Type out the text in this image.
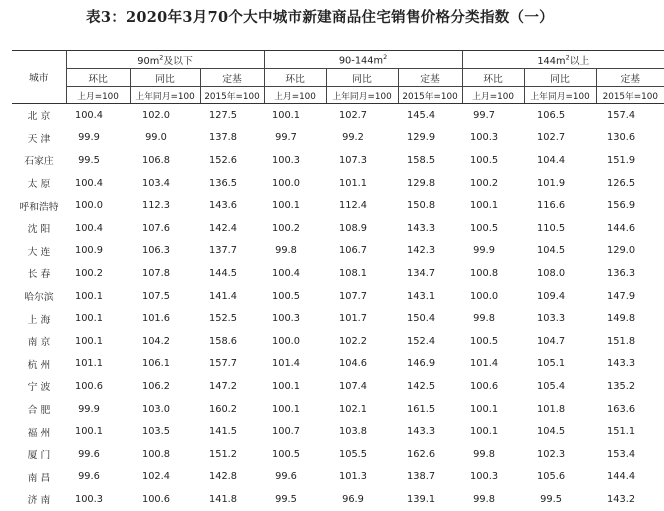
表3：2020年3月70个大中城市新建商品住宅销售价格分类指数（一）
城市	$90m^2$及以下			$90-144m^2$			$144m^2$以上		
	环比	同比	定基	环比	同比	定基	环比	同比	定基
	上月=100	上年同月=100	2015年=100	上月=100	上年同月=100	2015年=100	上月=100	上年同月=100	2015年=100
北 京	100.4	102.0	127.5	100.1	102.7	145.4	99.7	106.5	157.4
天 津	99.9	99.0	137.8	99.7	99.2	129.9	100.3	102.7	130.6
石家庄	99.5	106.8	152.6	100.3	107.3	158.5	100.5	104.4	151.9
太 原	100.4	103.4	136.5	100.0	101.1	129.8	100.2	101.9	126.5
呼和浩特	100.0	112.3	143.6	100.1	112.4	150.8	100.1	116.6	156.9
沈 阳	100.4	107.6	142.4	100.2	108.9	143.3	100.5	110.5	144.6
大 连	100.9	106.3	137.7	99.8	106.7	142.3	99.9	104.5	129.0
长 春	100.2	107.8	144.5	100.4	108.1	134.7	100.8	108.0	136.3
哈尔滨	100.1	107.5	141.4	100.5	107.7	143.1	100.0	109.4	147.9
上 海	100.1	101.6	152.5	100.3	101.7	150.4	99.8	103.3	149.8
南 京	100.1	104.2	158.6	100.0	102.2	152.4	100.5	104.7	151.8
杭 州	101.1	106.1	157.7	101.4	104.6	146.9	101.4	105.1	143.3
宁 波	100.6	106.2	147.2	100.1	107.4	142.5	100.6	105.4	135.2
合 肥	99.9	103.0	160.2	100.1	102.1	161.5	100.1	101.8	163.6
福 州	100.1	103.5	141.5	100.7	103.8	143.3	100.1	104.5	151.1
厦 门	99.6	100.8	151.2	100.5	105.5	162.6	99.8	102.3	153.4
南 昌	99.6	102.4	142.8	99.6	101.3	138.7	100.3	105.6	144.4
济 南	100.3	100.6	141.8	99.5	96.9	139.1	99.8	99.5	143.2
